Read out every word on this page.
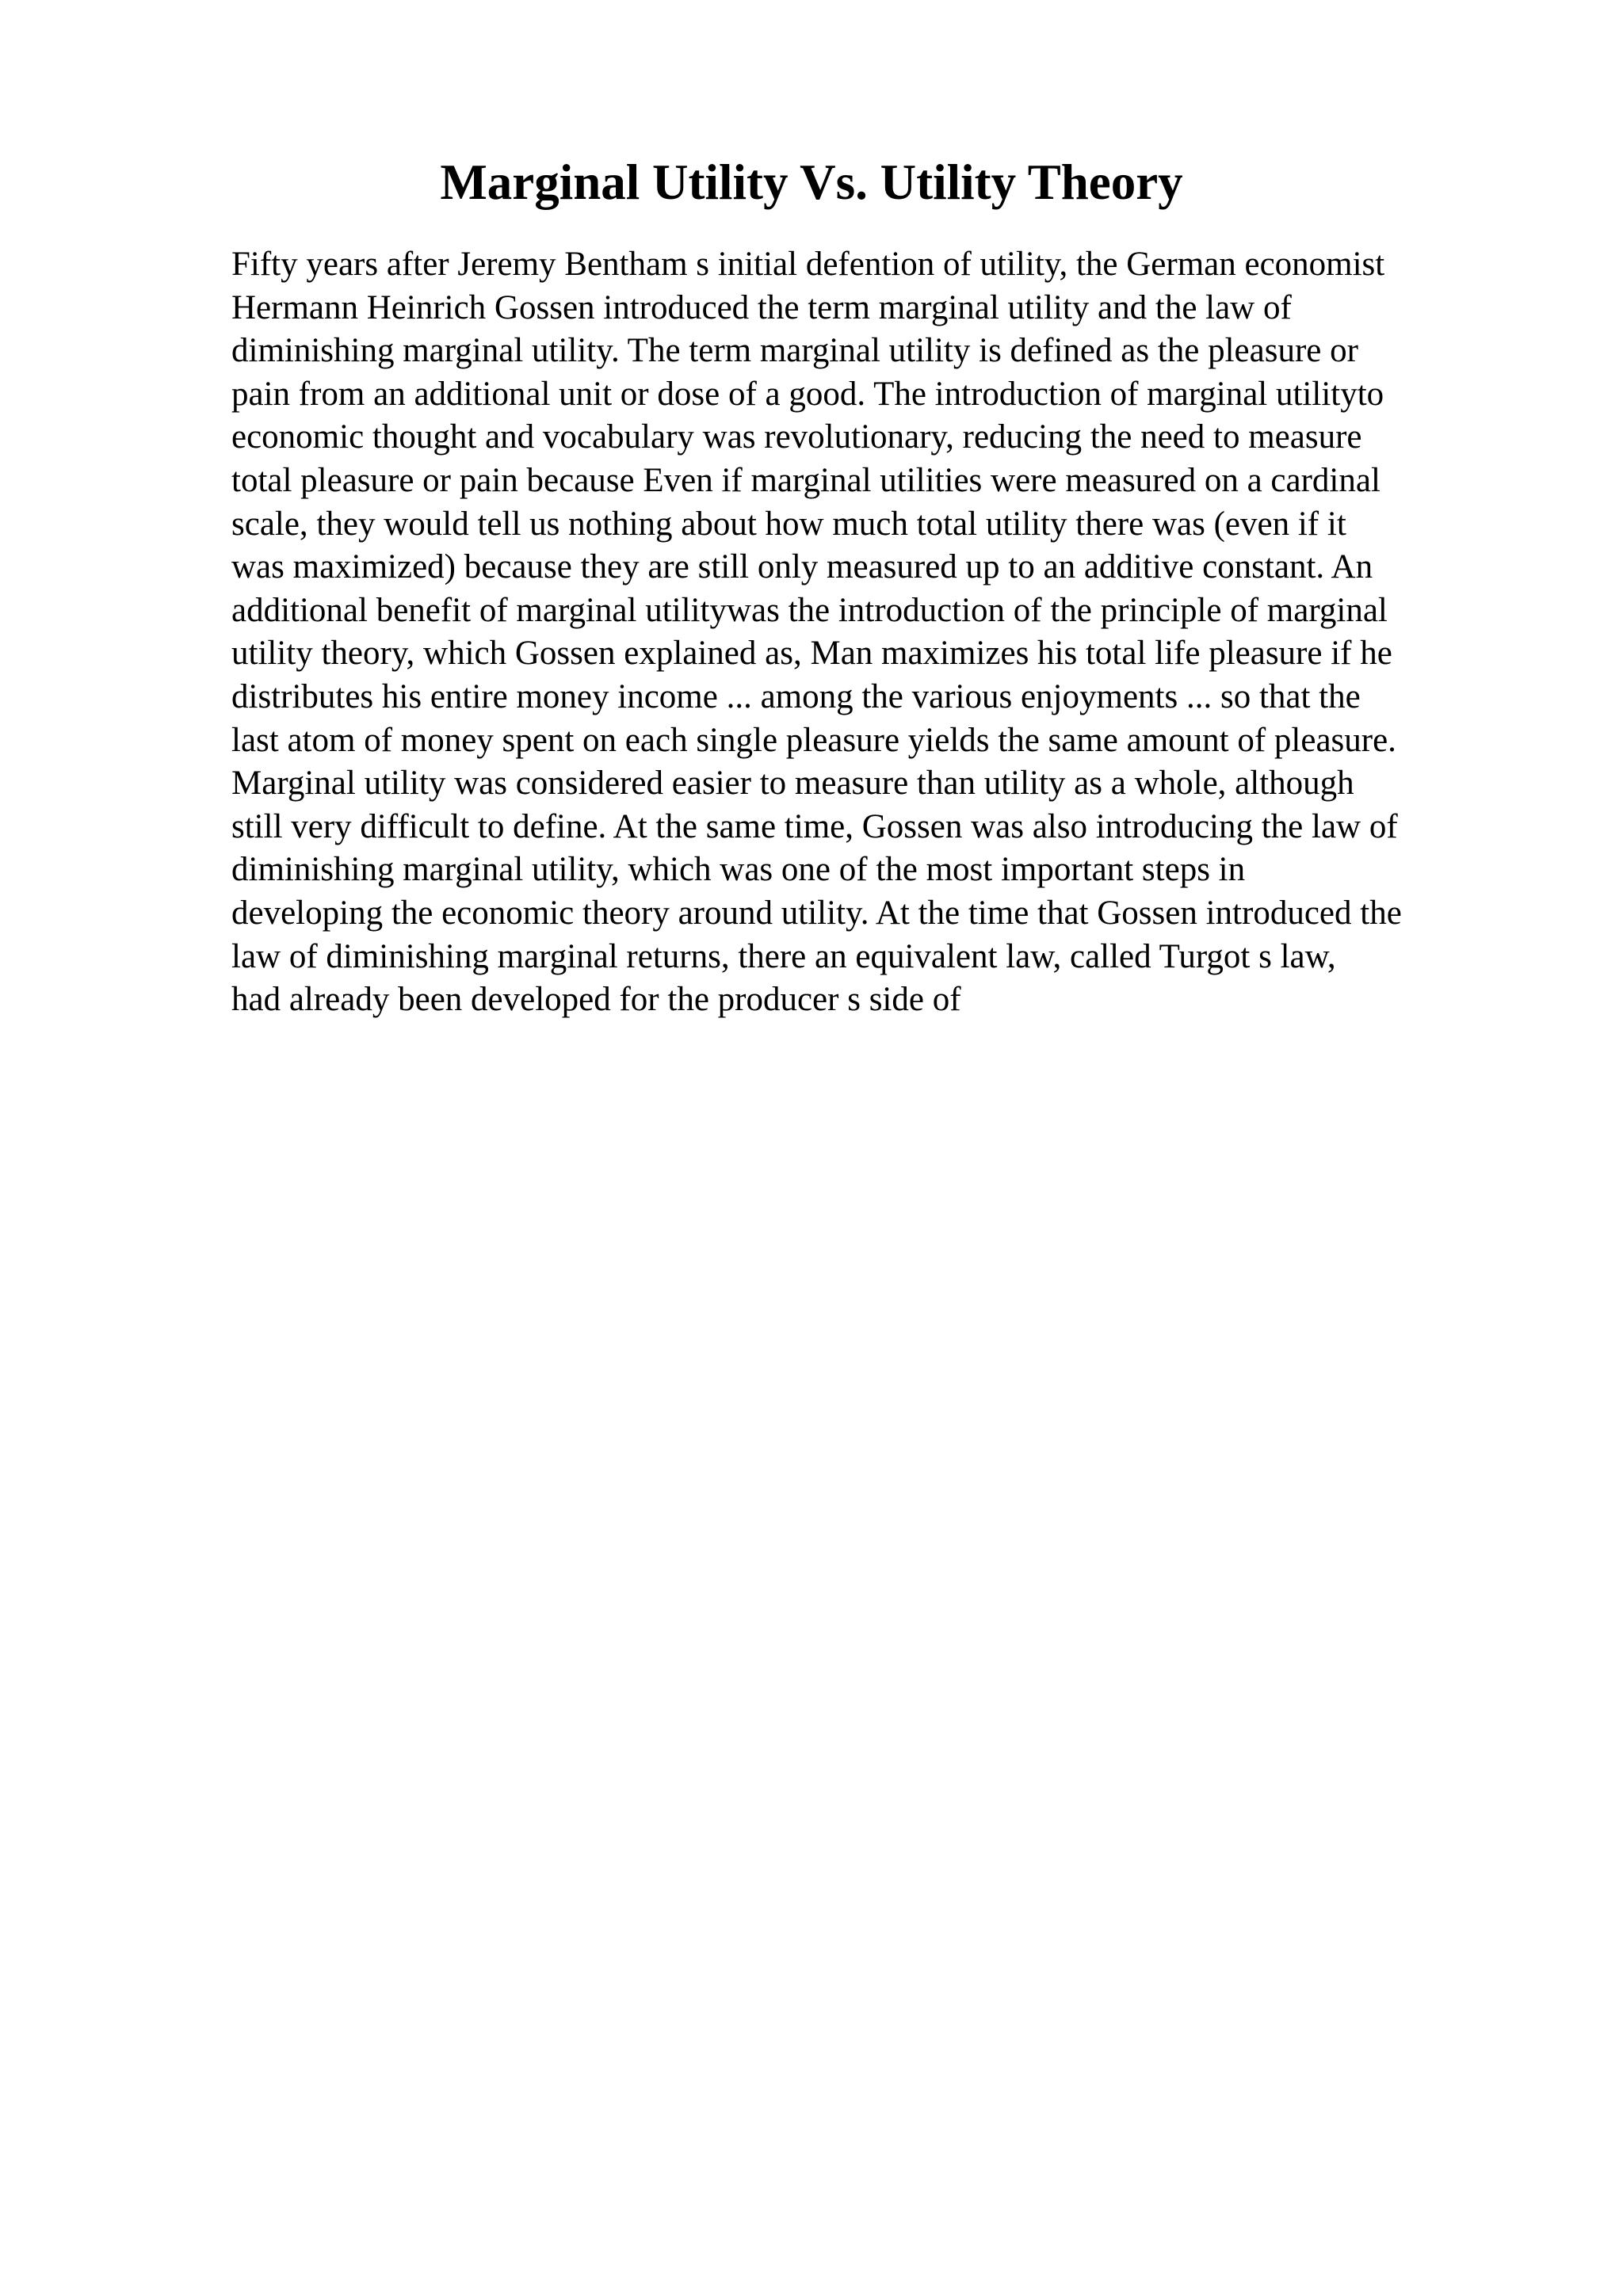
Marginal Utility Vs. Utility Theory
Fifty years after Jeremy Bentham s initial defention of utility, the German economist
Hermann Heinrich Gossen introduced the term marginal utility and the law of
diminishing marginal utility. The term marginal utility is defined as the pleasure or
pain from an additional unit or dose of a good. The introduction of marginal utilityto
economic thought and vocabulary was revolutionary, reducing the need to measure
total pleasure or pain because Even if marginal utilities were measured on a cardinal
scale, they would tell us nothing about how much total utility there was (even if it
was maximized) because they are still only measured up to an additive constant. An
additional benefit of marginal utilitywas the introduction of the principle of marginal
utility theory, which Gossen explained as, Man maximizes his total life pleasure if he
distributes his entire money income ... among the various enjoyments ... so that the
last atom of money spent on each single pleasure yields the same amount of pleasure.
Marginal utility was considered easier to measure than utility as a whole, although
still very difficult to define. At the same time, Gossen was also introducing the law of
diminishing marginal utility, which was one of the most important steps in
developing the economic theory around utility. At the time that Gossen introduced the
law of diminishing marginal returns, there an equivalent law, called Turgot s law,
had already been developed for the producer s side of
